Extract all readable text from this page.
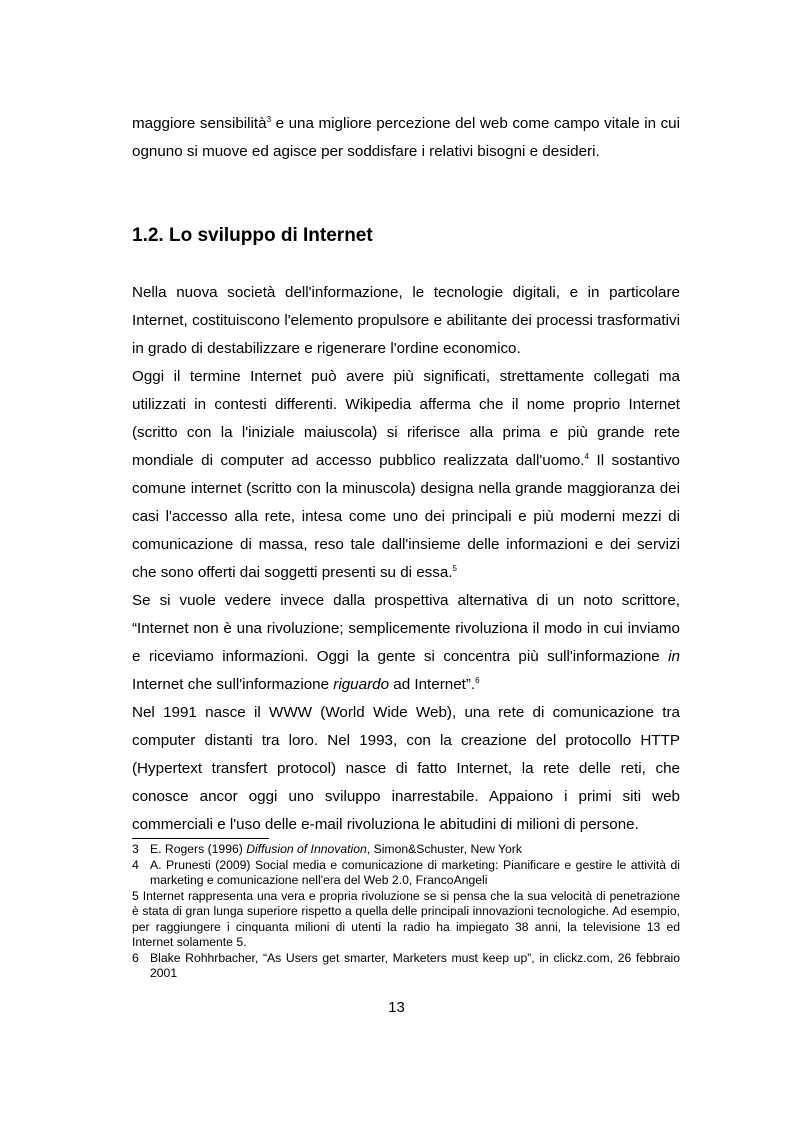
maggiore sensibilità$^3$ e una migliore percezione del web come campo vitale in cui ognuno si muove ed agisce per soddisfare i relativi bisogni e desideri.

1.2. Lo sviluppo di Internet

Nella nuova società dell'informazione, le tecnologie digitali, e in particolare Internet, costituiscono l'elemento propulsore e abilitante dei processi trasformativi in grado di destabilizzare e rigenerare l'ordine economico.

Oggi il termine Internet può avere più significati, strettamente collegati ma utilizzati in contesti differenti. Wikipedia afferma che il nome proprio Internet (scritto con la l'iniziale maiuscola) si riferisce alla prima e più grande rete mondiale di computer ad accesso pubblico realizzata dall'uomo.$^4$ Il sostantivo comune internet (scritto con la minuscola) designa nella grande maggioranza dei casi l'accesso alla rete, intesa come uno dei principali e più moderni mezzi di comunicazione di massa, reso tale dall'insieme delle informazioni e dei servizi che sono offerti dai soggetti presenti su di essa.$^5$

Se si vuole vedere invece dalla prospettiva alternativa di un noto scrittore, “Internet non è una rivoluzione; semplicemente rivoluziona il modo in cui inviamo e riceviamo informazioni. Oggi la gente si concentra più sull'informazione in Internet che sull'informazione riguardo ad Internet”.$^6$

Nel 1991 nasce il WWW (World Wide Web), una rete di comunicazione tra computer distanti tra loro. Nel 1993, con la creazione del protocollo HTTP (Hypertext transfert protocol) nasce di fatto Internet, la rete delle reti, che conosce ancor oggi uno sviluppo inarrestabile. Appaiono i primi siti web commerciali e l'uso delle e-mail rivoluziona le abitudini di milioni di persone.

3 E. Rogers (1996) Diffusion of Innovation, Simon&Schuster, New York

4 A. Prunesti (2009) Social media e comunicazione di marketing: Pianificare e gestire le attività di marketing e comunicazione nell'era del Web 2.0, FrancoAngeli

5 Internet rappresenta una vera e propria rivoluzione se si pensa che la sua velocità di penetrazione è stata di gran lunga superiore rispetto a quella delle principali innovazioni tecnologiche. Ad esempio, per raggiungere i cinquanta milioni di utenti la radio ha impiegato 38 anni, la televisione 13 ed Internet solamente 5.

6 Blake Rohhrbacher, “As Users get smarter, Marketers must keep up”, in clickz.com, 26 febbraio 2001

13
